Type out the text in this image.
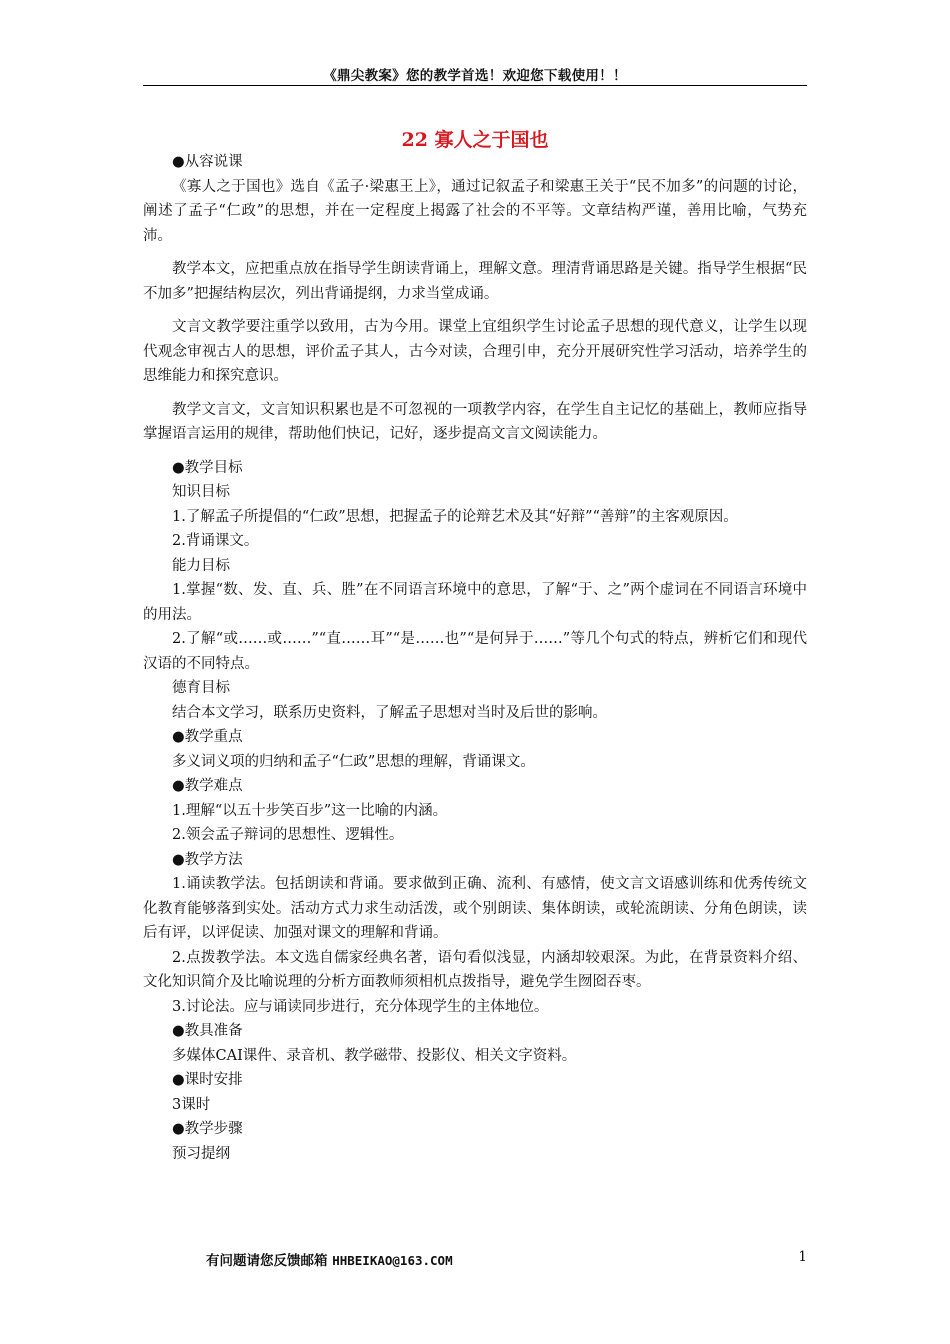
《鼎尖教案》您的教学首选！欢迎您下载使用！！
22 寡人之于国也

●从容说课

《寡人之于国也》选自《孟子·梁惠王上》，通过记叙孟子和梁惠王关于“民不加多”的问题的讨论，阐述了孟子“仁政”的思想，并在一定程度上揭露了社会的不平等。文章结构严谨，善用比喻，气势充沛。

教学本文，应把重点放在指导学生朗读背诵上，理解文意。理清背诵思路是关键。指导学生根据“民不加多”把握结构层次，列出背诵提纲，力求当堂成诵。

文言文教学要注重学以致用，古为今用。课堂上宜组织学生讨论孟子思想的现代意义，让学生以现代观念审视古人的思想，评价孟子其人，古今对读，合理引申，充分开展研究性学习活动，培养学生的思维能力和探究意识。

教学文言文，文言知识积累也是不可忽视的一项教学内容，在学生自主记忆的基础上，教师应指导掌握语言运用的规律，帮助他们快记，记好，逐步提高文言文阅读能力。

●教学目标

知识目标

1.了解孟子所提倡的“仁政”思想，把握孟子的论辩艺术及其“好辩”“善辩”的主客观原因。

2.背诵课文。

能力目标

1.掌握“数、发、直、兵、胜”在不同语言环境中的意思，了解“于、之”两个虚词在不同语言环境中的用法。

2.了解“或……或……”“直……耳”“是……也”“是何异于……”等几个句式的特点，辨析它们和现代汉语的不同特点。

德育目标

结合本文学习，联系历史资料，了解孟子思想对当时及后世的影响。

●教学重点

多义词义项的归纳和孟子“仁政”思想的理解，背诵课文。

●教学难点

1.理解“以五十步笑百步”这一比喻的内涵。

2.领会孟子辩词的思想性、逻辑性。

●教学方法

1.诵读教学法。包括朗读和背诵。要求做到正确、流利、有感情，使文言文语感训练和优秀传统文化教育能够落到实处。活动方式力求生动活泼，或个别朗读、集体朗读，或轮流朗读、分角色朗读，读后有评，以评促读、加强对课文的理解和背诵。

2.点拨教学法。本文选自儒家经典名著，语句看似浅显，内涵却较艰深。为此，在背景资料介绍、文化知识简介及比喻说理的分析方面教师须相机点拨指导，避免学生囫囵吞枣。

3.讨论法。应与诵读同步进行，充分体现学生的主体地位。

●教具准备

多媒体CAI课件、录音机、教学磁带、投影仪、相关文字资料。

●课时安排

3课时

●教学步骤

预习提纲

有问题请您反馈邮箱 HHBEIKAO@163.COM	1
